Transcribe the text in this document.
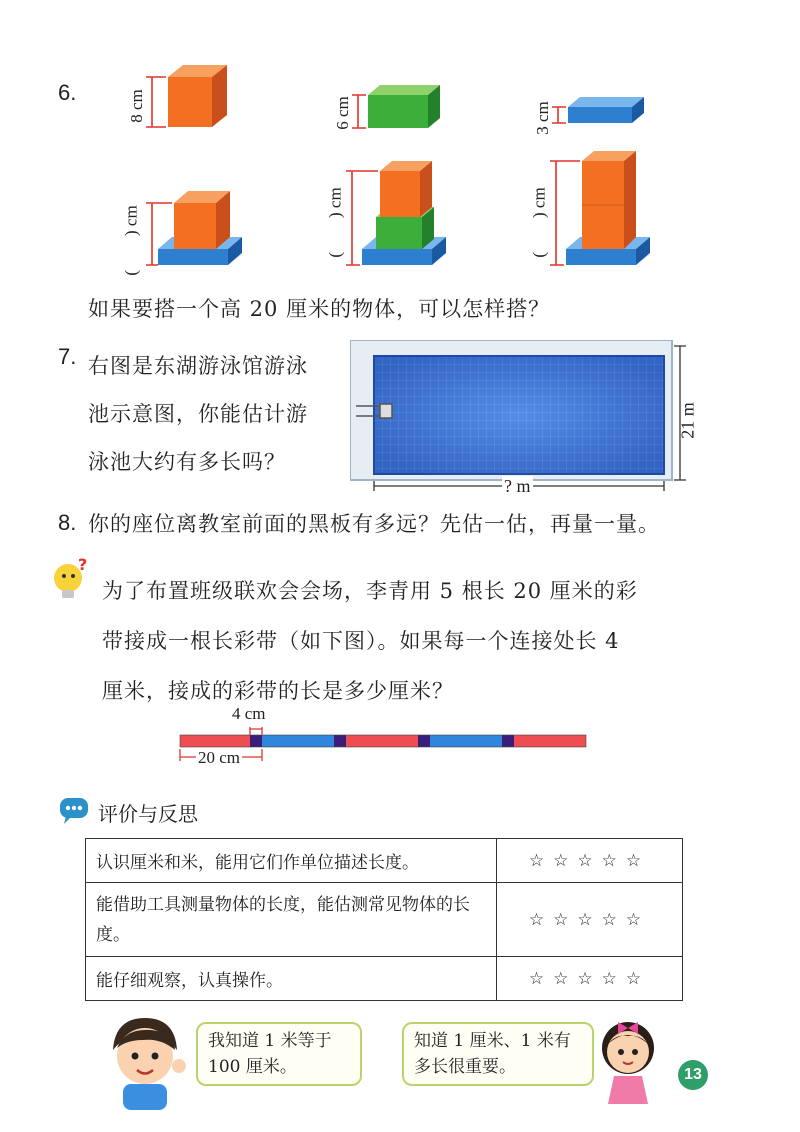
6.	8 cm	6 cm	3 cm
(　　) cm	(　　) cm	(　　) cm
如果要搭一个高 20 厘米的物体，可以怎样搭？
7. 右图是东湖游泳馆游泳
池示意图，你能估计游
泳池大约有多长吗？
21 m
? m
8. 你的座位离教室前面的黑板有多远？先估一估，再量一量。
?
为了布置班级联欢会会场，李青用 5 根长 20 厘米的彩
带接成一根长彩带（如下图）。如果每一个连接处长 4
厘米，接成的彩带的长是多少厘米？
4 cm
20 cm
评价与反思
认识厘米和米，能用它们作单位描述长度。	☆☆☆☆☆
能借助工具测量物体的长度，能估测常见物体的长度。	☆☆☆☆☆
能仔细观察，认真操作。	☆☆☆☆☆
我知道 1 米等于 100 厘米。
知道 1 厘米、1 米有多长很重要。	13
